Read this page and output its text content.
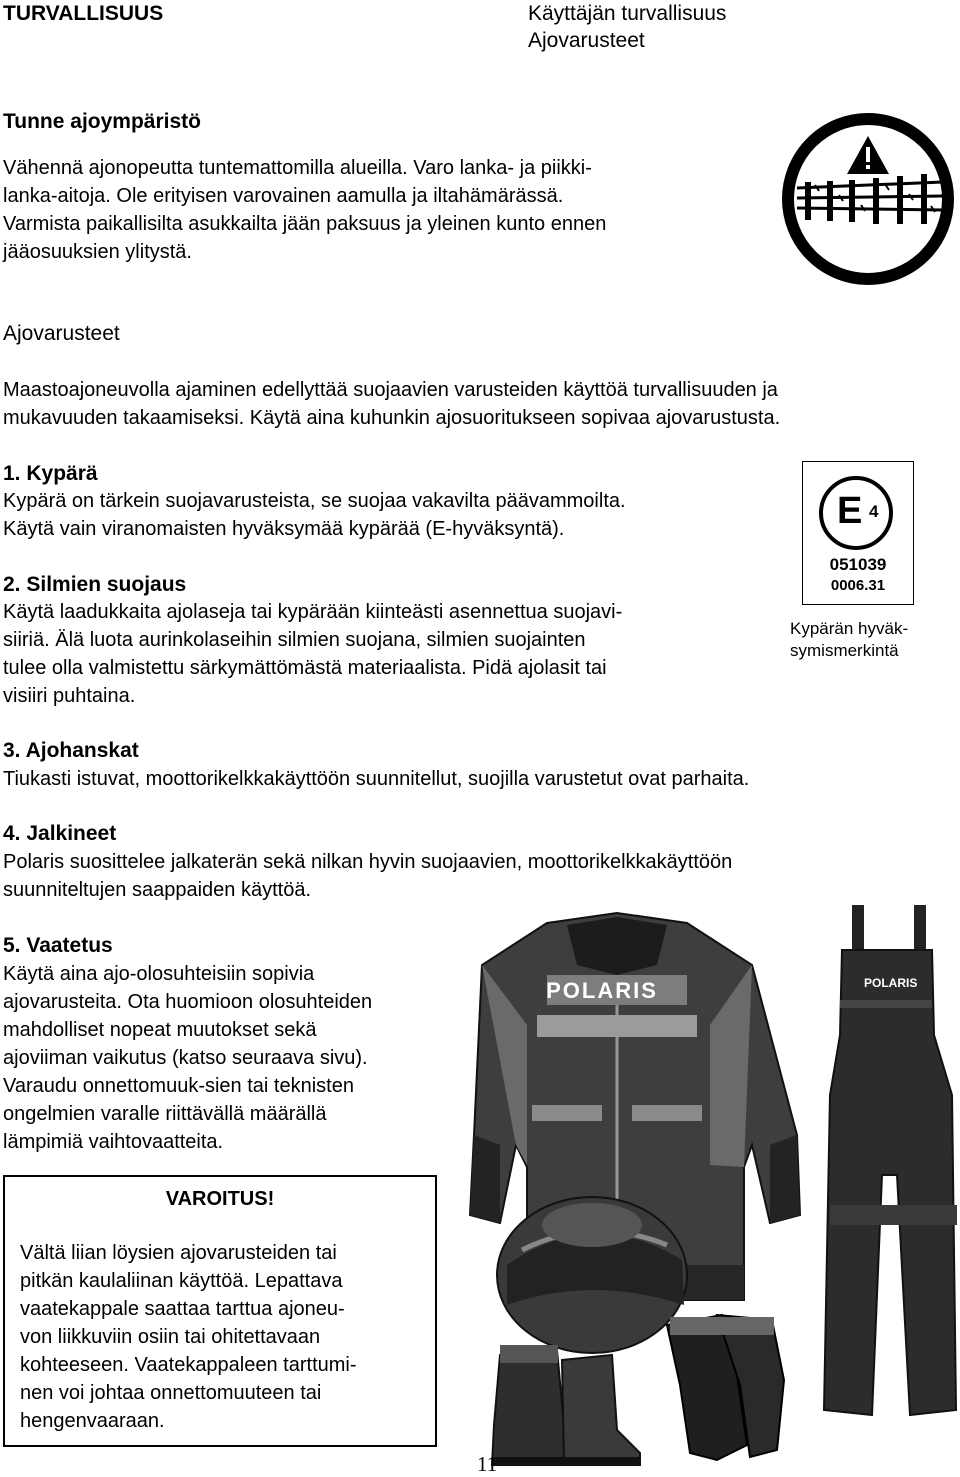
TURVALLISUUS	Käyttäjän turvallisuus
Ajovarusteet
Tunne ajoympäristö
Vähennä ajonopeutta tuntemattomilla alueilla. Varo lanka- ja piikki-
lanka-aitoja. Ole erityisen varovainen aamulla ja iltahämärässä.
Varmista paikallisilta asukkailta jään paksuus ja yleinen kunto ennen
jääosuuksien ylitystä.
Ajovarusteet
Maastoajoneuvolla ajaminen edellyttää suojaavien varusteiden käyttöä turvallisuuden ja
mukavuuden takaamiseksi. Käytä aina kuhunkin ajosuoritukseen sopivaa ajovarustusta.
1. Kypärä
Kypärä on tärkein suojavarusteista, se suojaa vakavilta päävammoilta.
Käytä vain viranomaisten hyväksymää kypärää (E-hyväksyntä).	E 4
051039
0006.31
Kypärän hyväk-
symismerkintä
2. Silmien suojaus
Käytä laadukkaita ajolaseja tai kypärään kiinteästi asennettua suojavi-
siiriä. Älä luota aurinkolaseihin silmien suojana, silmien suojainten
tulee olla valmistettu särkymättömästä materiaalista. Pidä ajolasit tai
visiiri puhtaina.
3. Ajohanskat
Tiukasti istuvat, moottorikelkkakäyttöön suunnitellut, suojilla varustetut ovat parhaita.
4. Jalkineet
Polaris suosittelee jalkaterän sekä nilkan hyvin suojaavien, moottorikelkkakäyttöön
suunniteltujen saappaiden käyttöä.
5. Vaatetus
Käytä aina ajo-olosuhteisiin sopivia
ajovarusteita. Ota huomioon olosuhteiden
mahdolliset nopeat muutokset sekä
ajoviiman vaikutus (katso seuraava sivu).
Varaudu onnettomuuk-sien tai teknisten
ongelmien varalle riittävällä määrällä
lämpimiä vaihtovaatteita.
POLARIS	POLARIS
VAROITUS!
Vältä liian löysien ajovarusteiden tai
pitkän kaulaliinan käyttöä. Lepattava
vaatekappale saattaa tarttua ajoneu-
von liikkuviin osiin tai ohitettavaan
kohteeseen. Vaatekappaleen tarttumi-
nen voi johtaa onnettomuuteen tai
hengenvaaraan.
11
